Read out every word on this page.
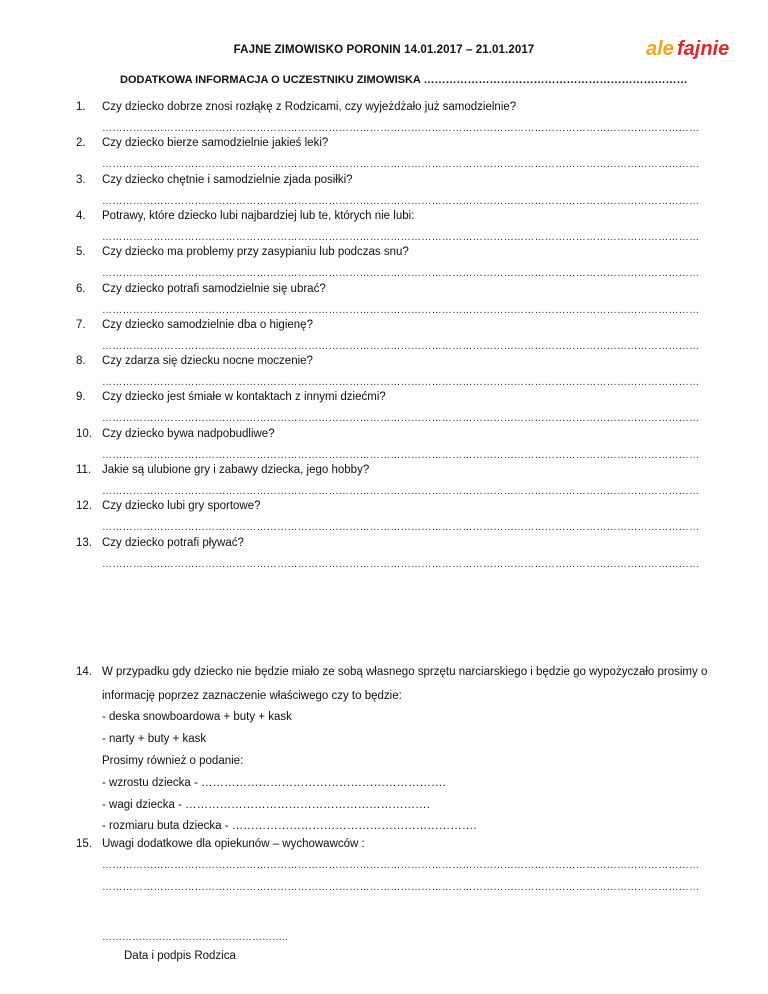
FAJNE ZIMOWISKO PORONIN 14.01.2017 – 21.01.2017	ale fajnie
DODATKOWA INFORMACJA O UCZESTNIKU ZIMOWISKA ………………………………………………………………
1. Czy dziecko dobrze znosi rozłąkę z Rodzicami, czy wyjeżdżało już samodzielnie?
…………………………………………………………………………………………………………………………………………………………
2. Czy dziecko bierze samodzielnie jakieś leki?
…………………………………………………………………………………………………………………………………………………………
3. Czy dziecko chętnie i samodzielnie zjada posiłki?
…………………………………………………………………………………………………………………………………………………………
4. Potrawy, które dziecko lubi najbardziej lub te, których nie lubi:
…………………………………………………………………………………………………………………………………………………………
5. Czy dziecko ma problemy przy zasypianiu lub podczas snu?
…………………………………………………………………………………………………………………………………………………………
6. Czy dziecko potrafi samodzielnie się ubrać?
…………………………………………………………………………………………………………………………………………………………
7. Czy dziecko samodzielnie dba o higienę?
…………………………………………………………………………………………………………………………………………………………
8. Czy zdarza się dziecku nocne moczenie?
…………………………………………………………………………………………………………………………………………………………
9. Czy dziecko jest śmiałe w kontaktach z innymi dziećmi?
…………………………………………………………………………………………………………………………………………………………
10. Czy dziecko bywa nadpobudliwe?
…………………………………………………………………………………………………………………………………………………………
11. Jakie są ulubione gry i zabawy dziecka, jego hobby?
…………………………………………………………………………………………………………………………………………………………
12. Czy dziecko lubi gry sportowe?
…………………………………………………………………………………………………………………………………………………………
13. Czy dziecko potrafi pływać?
…………………………………………………………………………………………………………………………………………………………
14. W przypadku gdy dziecko nie będzie miało ze sobą własnego sprzętu narciarskiego i będzie go wypożyczało prosimy o
informację poprzez zaznaczenie właściwego czy to będzie:
- deska snowboardowa + buty + kask
- narty + buty + kask
Prosimy również o podanie:
- wzrostu dziecka - ……………………………………………………….
- wagi dziecka - ……………………………………………………….
- rozmiaru buta dziecka - ……………………………………………………….
15. Uwagi dodatkowe dla opiekunów – wychowawców :
…………………………………………………………………………………………………………………………………………………………
…………………………………………………………………………………………………………………………………………………………
………………………………………………..
Data i podpis Rodzica
